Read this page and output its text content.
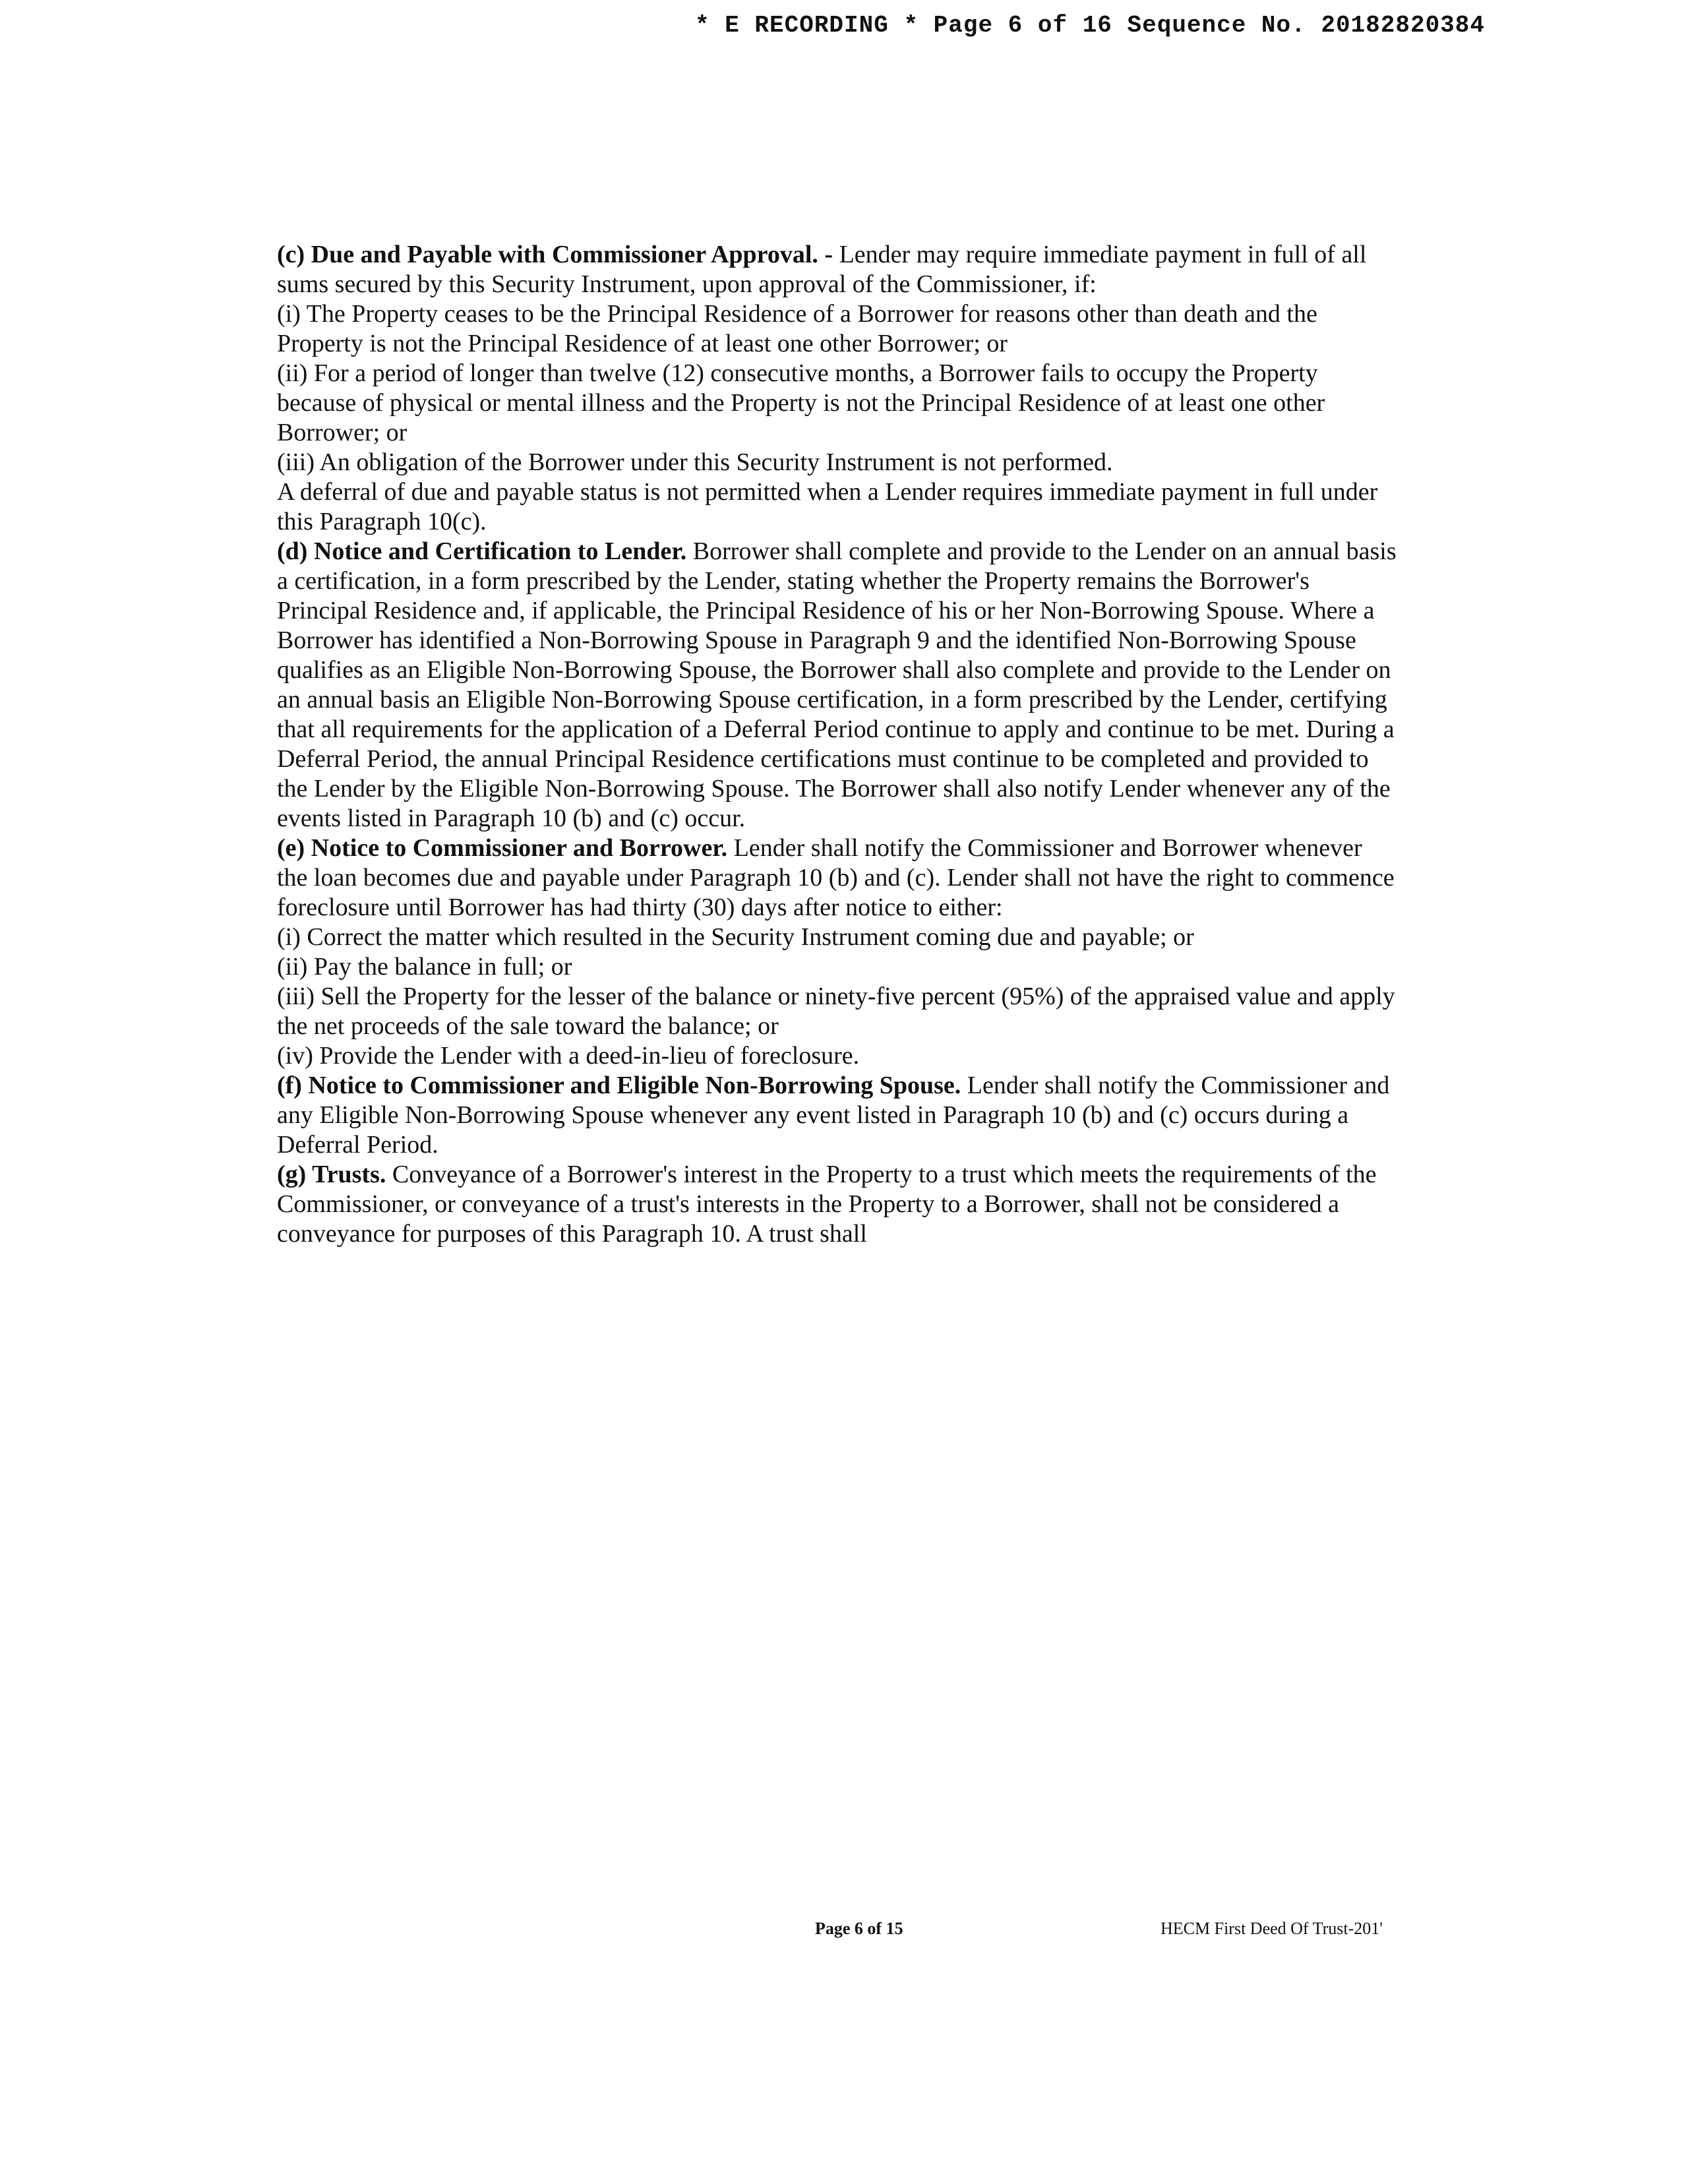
* E RECORDING * Page 6 of 16 Sequence No. 20182820384

(c) Due and Payable with Commissioner Approval. - Lender may require immediate payment in full of all sums secured by this Security Instrument, upon approval of the Commissioner, if:

(i) The Property ceases to be the Principal Residence of a Borrower for reasons other than death and the Property is not the Principal Residence of at least one other Borrower; or

(ii) For a period of longer than twelve (12) consecutive months, a Borrower fails to occupy the Property because of physical or mental illness and the Property is not the Principal Residence of at least one other Borrower; or

(iii) An obligation of the Borrower under this Security Instrument is not performed.

A deferral of due and payable status is not permitted when a Lender requires immediate payment in full under this Paragraph 10(c).

(d) Notice and Certification to Lender. Borrower shall complete and provide to the Lender on an annual basis a certification, in a form prescribed by the Lender, stating whether the Property remains the Borrower's Principal Residence and, if applicable, the Principal Residence of his or her Non-Borrowing Spouse. Where a Borrower has identified a Non-Borrowing Spouse in Paragraph 9 and the identified Non-Borrowing Spouse qualifies as an Eligible Non-Borrowing Spouse, the Borrower shall also complete and provide to the Lender on an annual basis an Eligible Non-Borrowing Spouse certification, in a form prescribed by the Lender, certifying that all requirements for the application of a Deferral Period continue to apply and continue to be met. During a Deferral Period, the annual Principal Residence certifications must continue to be completed and provided to the Lender by the Eligible Non-Borrowing Spouse. The Borrower shall also notify Lender whenever any of the events listed in Paragraph 10 (b) and (c) occur.

(e) Notice to Commissioner and Borrower. Lender shall notify the Commissioner and Borrower whenever the loan becomes due and payable under Paragraph 10 (b) and (c). Lender shall not have the right to commence foreclosure until Borrower has had thirty (30) days after notice to either:

(i) Correct the matter which resulted in the Security Instrument coming due and payable; or

(ii) Pay the balance in full; or

(iii) Sell the Property for the lesser of the balance or ninety-five percent (95%) of the appraised value and apply the net proceeds of the sale toward the balance; or

(iv) Provide the Lender with a deed-in-lieu of foreclosure.

(f) Notice to Commissioner and Eligible Non-Borrowing Spouse. Lender shall notify the Commissioner and any Eligible Non-Borrowing Spouse whenever any event listed in Paragraph 10 (b) and (c) occurs during a Deferral Period.

(g) Trusts. Conveyance of a Borrower's interest in the Property to a trust which meets the requirements of the Commissioner, or conveyance of a trust's interests in the Property to a Borrower, shall not be considered a conveyance for purposes of this Paragraph 10. A trust shall

Page 6 of 15	HECM First Deed Of Trust-201'
